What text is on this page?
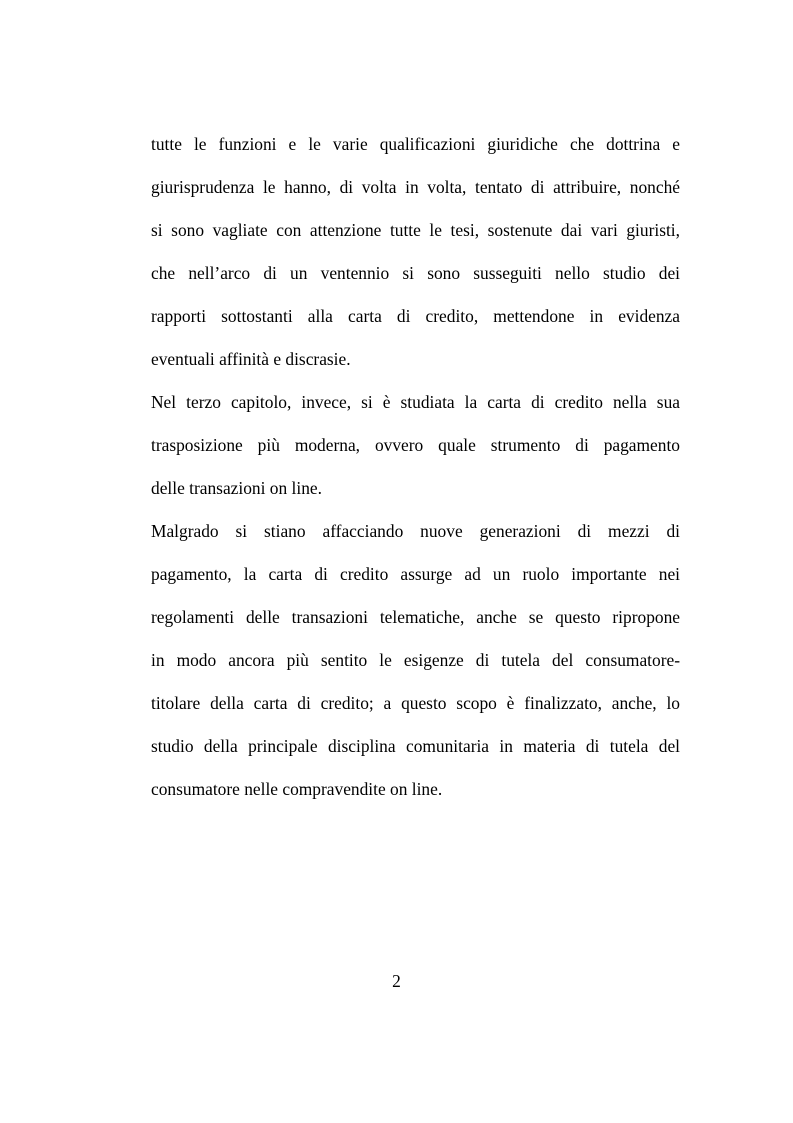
tutte le funzioni e le varie qualificazioni giuridiche che dottrina e
giurisprudenza le hanno, di volta in volta, tentato di attribuire, nonché
si sono vagliate con attenzione tutte le tesi, sostenute dai vari giuristi,
che nell’arco di un ventennio si sono susseguiti nello studio dei
rapporti sottostanti alla carta di credito, mettendone in evidenza
eventuali affinità e discrasie.
Nel terzo capitolo, invece, si è studiata la carta di credito nella sua
trasposizione più moderna, ovvero quale strumento di pagamento
delle transazioni on line.
Malgrado si stiano affacciando nuove generazioni di mezzi di
pagamento, la carta di credito assurge ad un ruolo importante nei
regolamenti delle transazioni telematiche, anche se questo ripropone
in modo ancora più sentito le esigenze di tutela del consumatore-
titolare della carta di credito; a questo scopo è finalizzato, anche, lo
studio della principale disciplina comunitaria in materia di tutela del
consumatore nelle compravendite on line.
2
